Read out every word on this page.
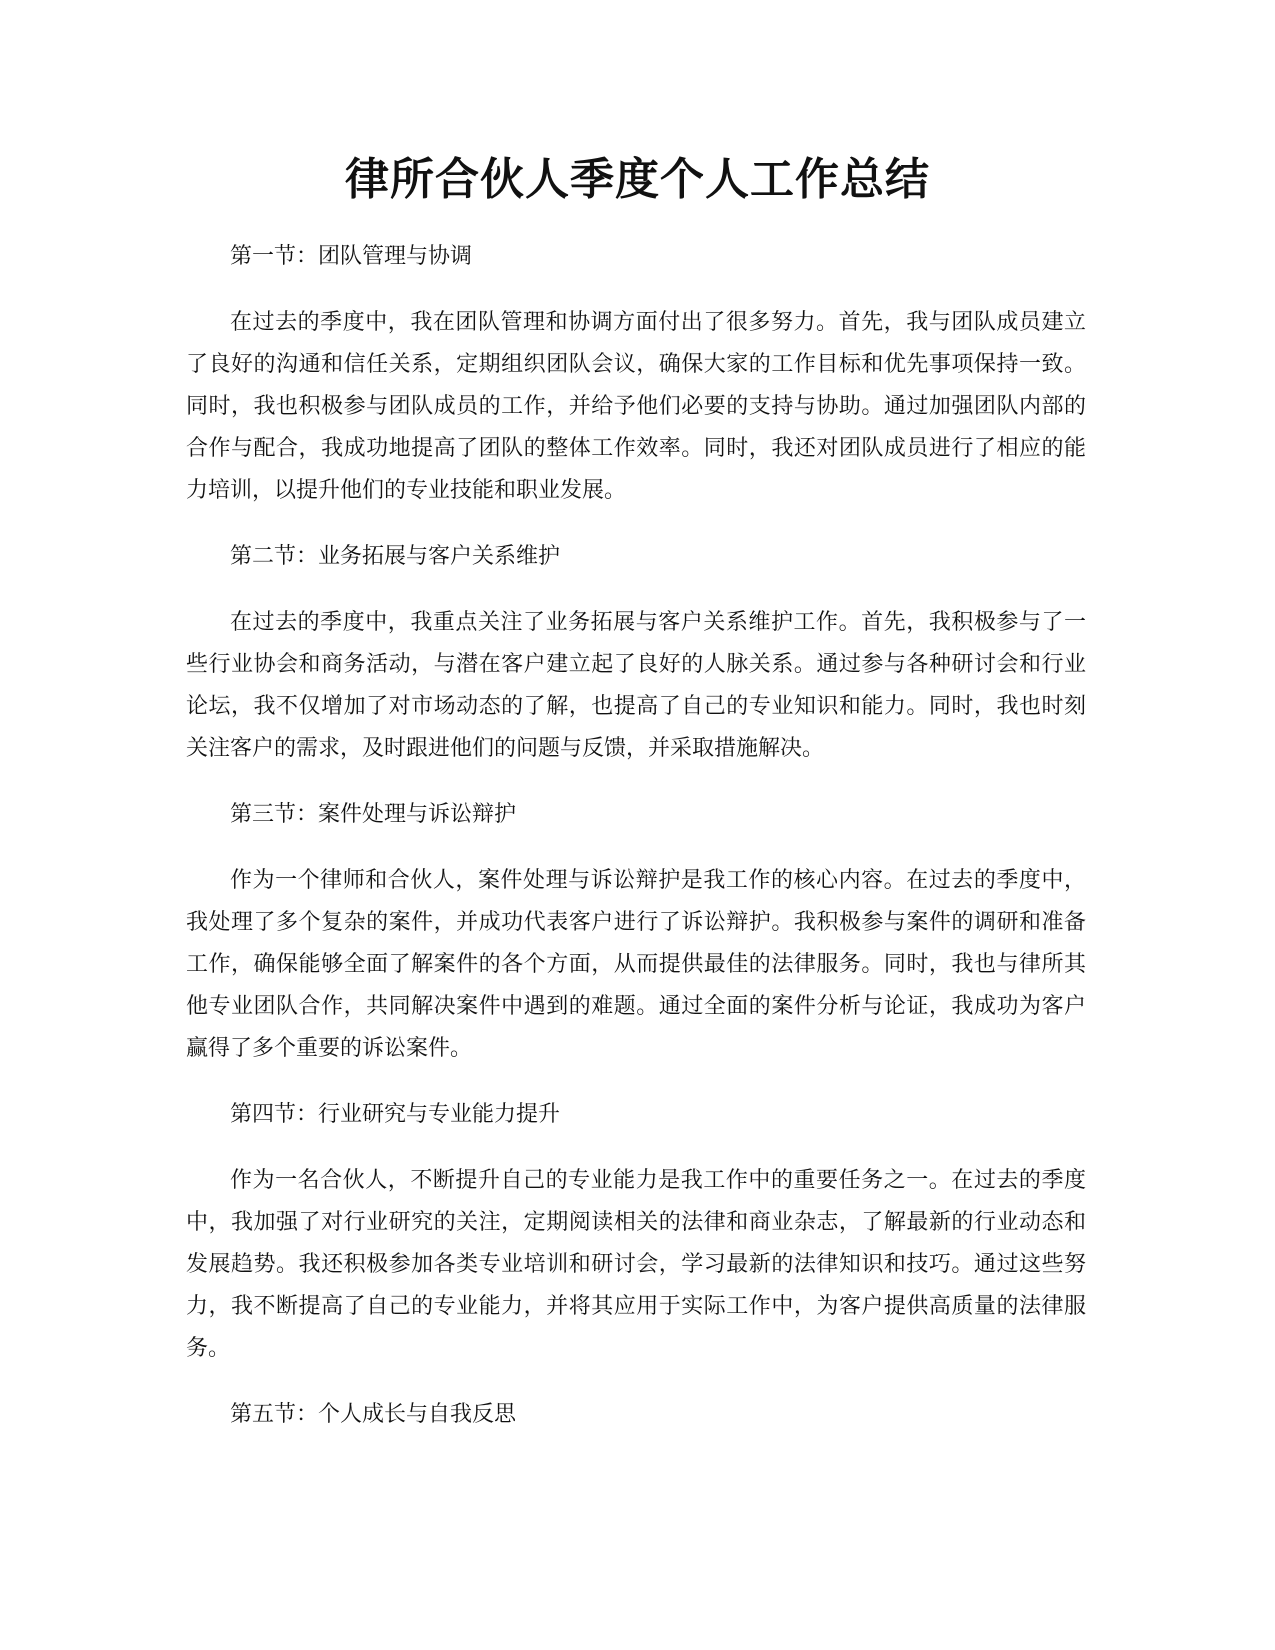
律所合伙人季度个人工作总结

第一节：团队管理与协调

在过去的季度中，我在团队管理和协调方面付出了很多努力。首先，我与团队成员建立了良好的沟通和信任关系，定期组织团队会议，确保大家的工作目标和优先事项保持一致。同时，我也积极参与团队成员的工作，并给予他们必要的支持与协助。通过加强团队内部的合作与配合，我成功地提高了团队的整体工作效率。同时，我还对团队成员进行了相应的能力培训，以提升他们的专业技能和职业发展。

第二节：业务拓展与客户关系维护

在过去的季度中，我重点关注了业务拓展与客户关系维护工作。首先，我积极参与了一些行业协会和商务活动，与潜在客户建立起了良好的人脉关系。通过参与各种研讨会和行业论坛，我不仅增加了对市场动态的了解，也提高了自己的专业知识和能力。同时，我也时刻关注客户的需求，及时跟进他们的问题与反馈，并采取措施解决。

第三节：案件处理与诉讼辩护

作为一个律师和合伙人，案件处理与诉讼辩护是我工作的核心内容。在过去的季度中，我处理了多个复杂的案件，并成功代表客户进行了诉讼辩护。我积极参与案件的调研和准备工作，确保能够全面了解案件的各个方面，从而提供最佳的法律服务。同时，我也与律所其他专业团队合作，共同解决案件中遇到的难题。通过全面的案件分析与论证，我成功为客户赢得了多个重要的诉讼案件。

第四节：行业研究与专业能力提升

作为一名合伙人，不断提升自己的专业能力是我工作中的重要任务之一。在过去的季度中，我加强了对行业研究的关注，定期阅读相关的法律和商业杂志，了解最新的行业动态和发展趋势。我还积极参加各类专业培训和研讨会，学习最新的法律知识和技巧。通过这些努力，我不断提高了自己的专业能力，并将其应用于实际工作中，为客户提供高质量的法律服务。

第五节：个人成长与自我反思
